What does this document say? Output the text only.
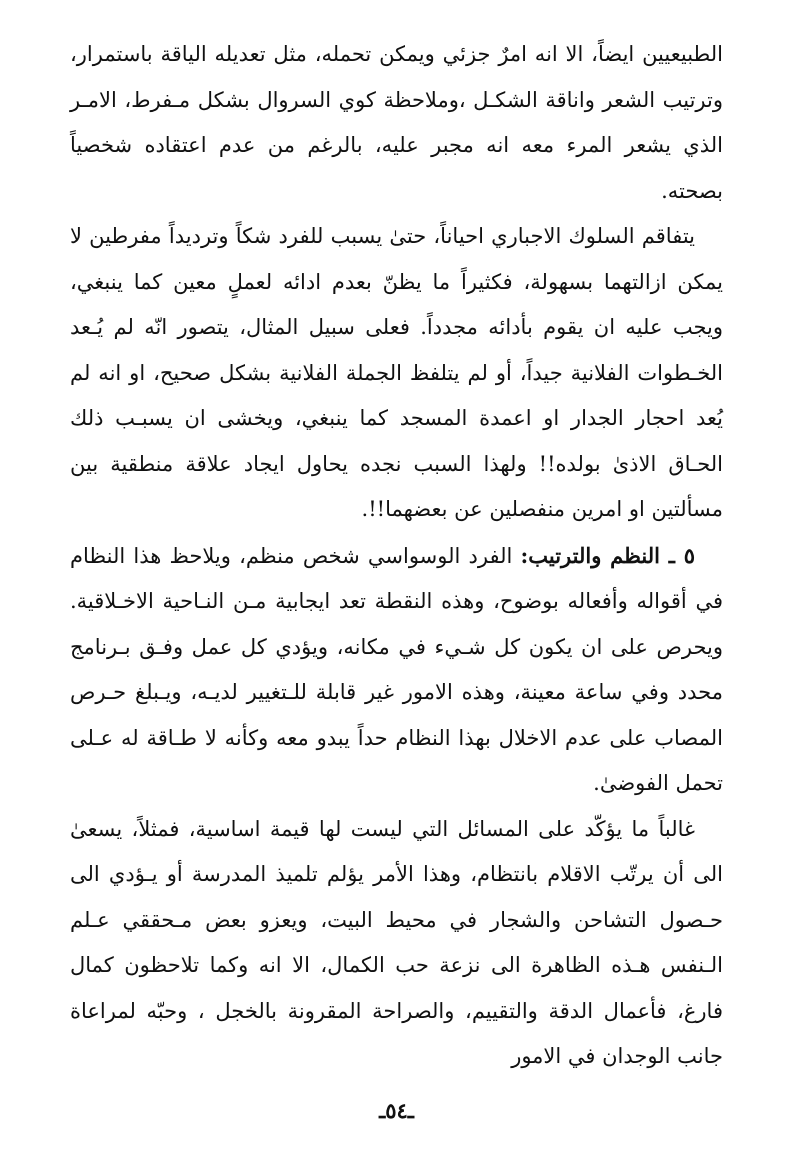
الطبيعيين ايضاً، الا انه امرٌ جزئي ويمكن تحمله، مثل تعديله الياقة باستمرار، وترتيب الشعر واناقة الشكـل ،وملاحظة كوي السروال بشكل مـفرط، الامـر الذي يشعر المرء معه انه مجبر عليه، بالرغم من عدم اعتقاده شخصياً بصحته.

يتفاقم السلوك الاجباري احياناً، حتىٰ يسبب للفرد شكاً وترديداً مفرطين لا يمكن ازالتهما بسهولة، فكثيراً ما يظنّ بعدم ادائه لعملٍ معين كما ينبغي، ويجب عليه ان يقوم بأدائه مجدداً. فعلى سبيل المثال، يتصور انّه لم يُـعد الخـطوات الفلانية جيداً، أو لم يتلفظ الجملة الفلانية بشكل صحيح، او انه لم يُعد احجار الجدار او اعمدة المسجد كما ينبغي، ويخشى ان يسبـب ذلك الحـاق الاذىٰ بولده!! ولهذا السبب نجده يحاول ايجاد علاقة منطقية بين مسألتين او امرين منفصلين عن بعضهما!!.

٥ ـ النظم والترتيب: الفرد الوسواسي شخص منظم، ويلاحظ هذا النظام في أقواله وأفعاله بوضوح، وهذه النقطة تعد ايجابية مـن النـاحية الاخـلاقية. ويحرص على ان يكون كل شـيء في مكانه، ويؤدي كل عمل وفـق بـرنامج محدد وفي ساعة معينة، وهذه الامور غير قابلة للـتغيير لديـه، ويـبلغ حـرص المصاب على عدم الاخلال بهذا النظام حداً يبدو معه وكأنه لا طـاقة له عـلى تحمل الفوضىٰ.

غالباً ما يؤكّد على المسائل التي ليست لها قيمة اساسية، فمثلاً، يسعىٰ الى أن يرتّب الاقلام بانتظام، وهذا الأمر يؤلم تلميذ المدرسة أو يـؤدي الى حـصول التشاحن والشجار في محيط البيت، ويعزو بعض مـحققي عـلم الـنفس هـذه الظاهرة الى نزعة حب الكمال، الا انه وكما تلاحظون كمال فارغ، فأعمال الدقة والتقييم، والصراحة المقرونة بالخجل ، وحبّه لمراعاة جانب الوجدان في الامور

ـ٥٤ـ
